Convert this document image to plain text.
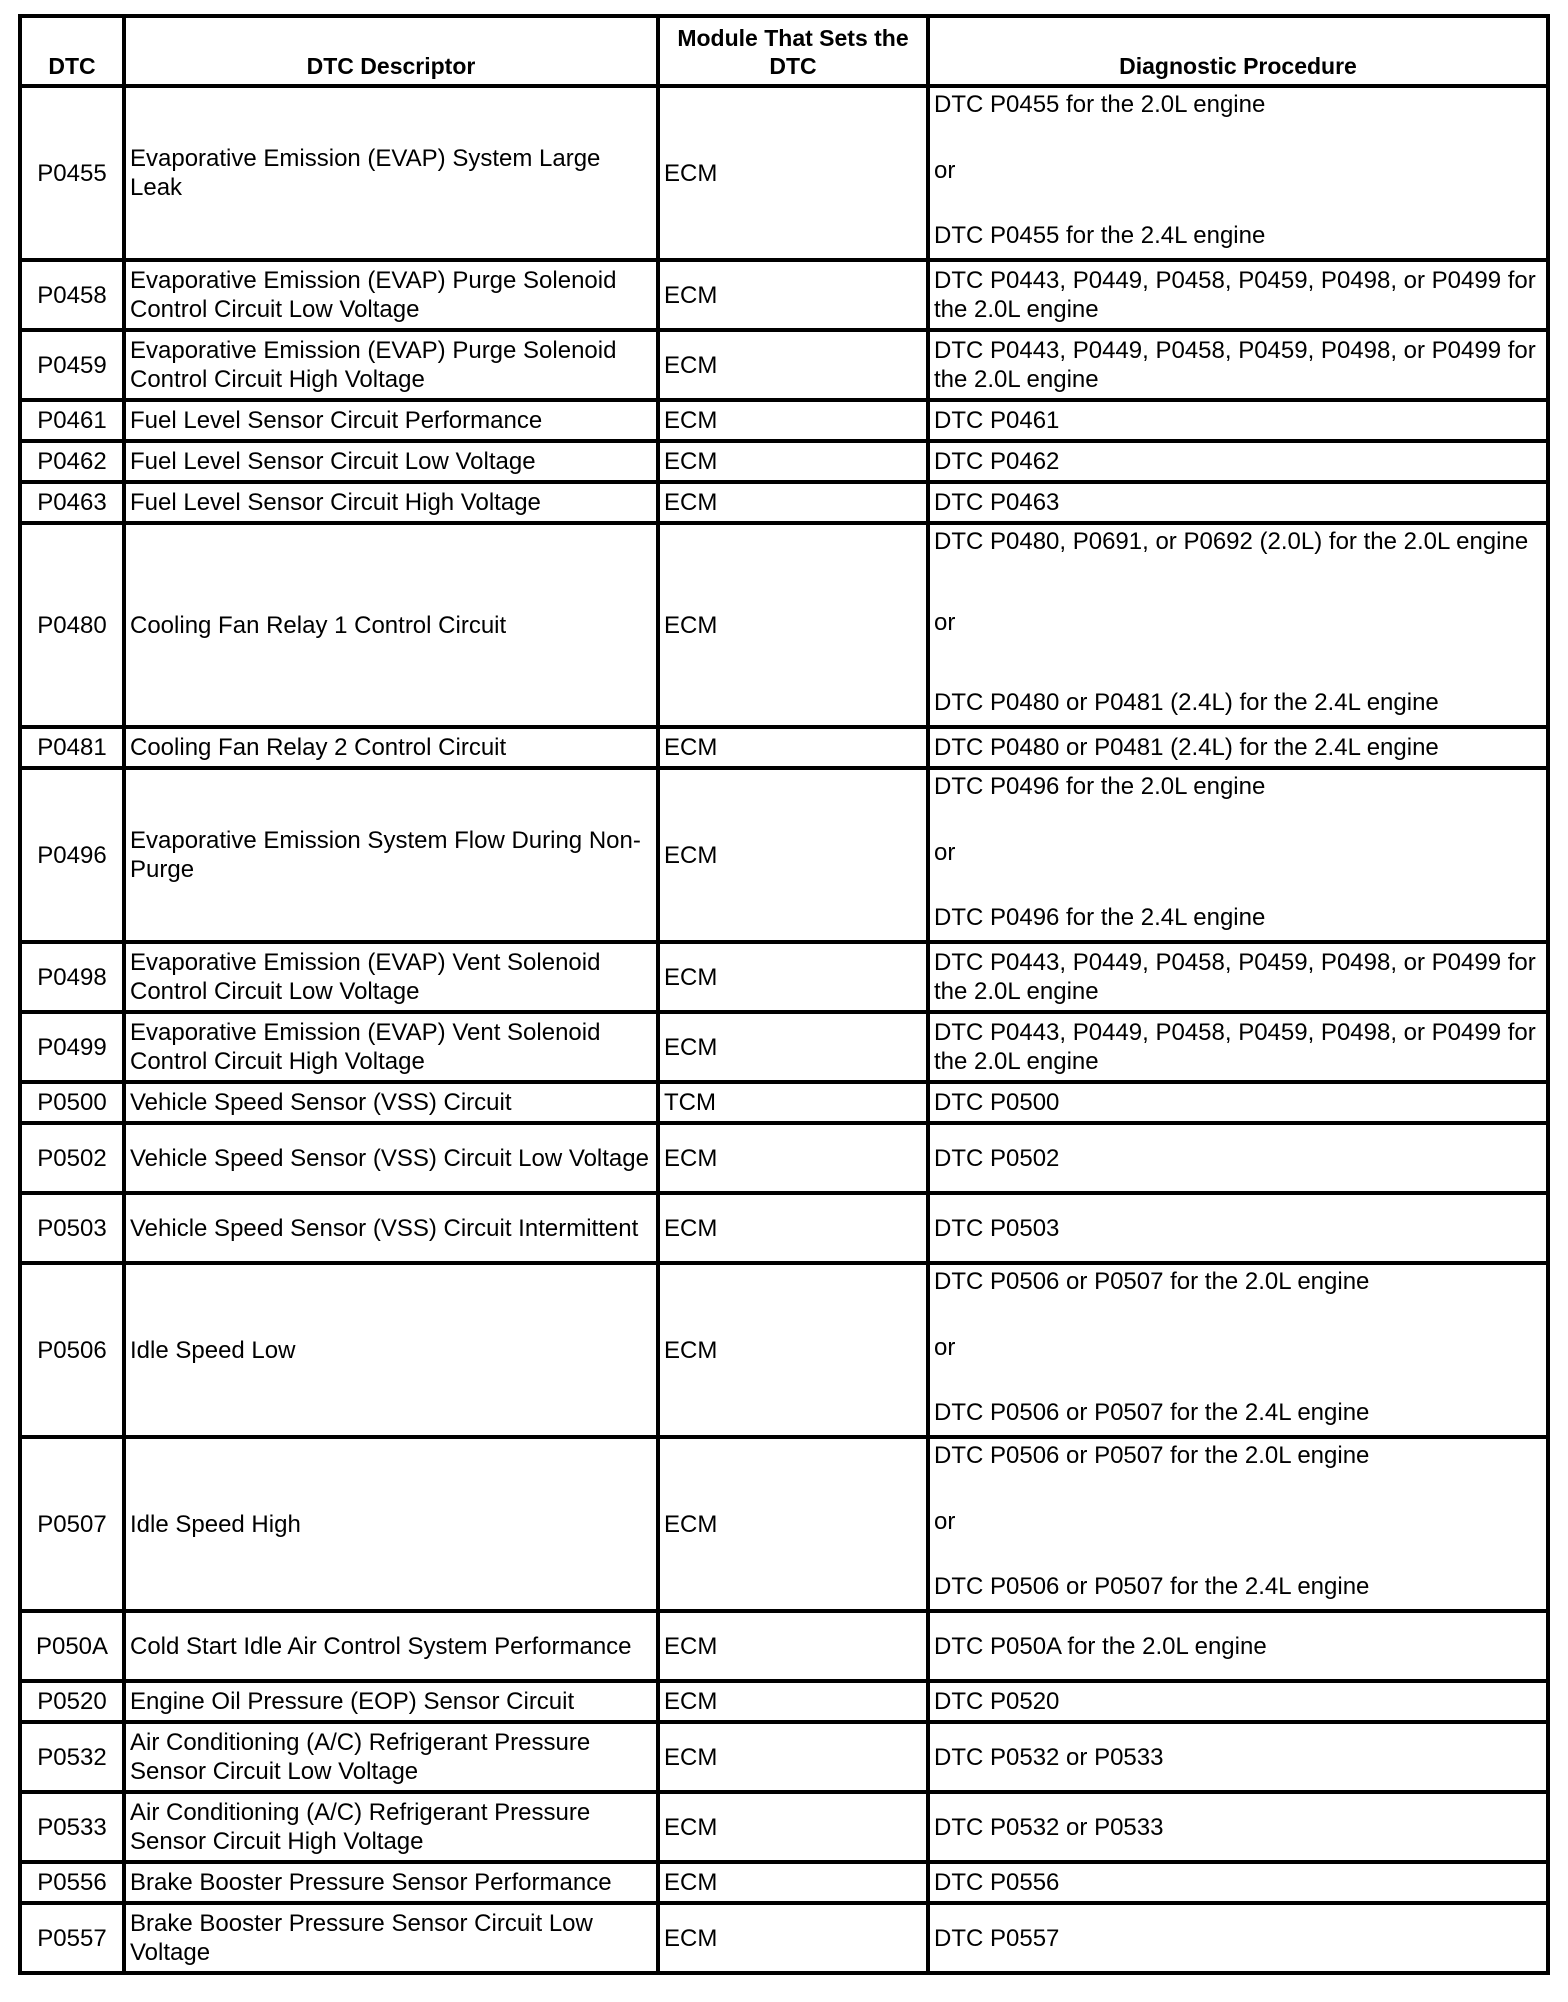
DTC	DTC Descriptor	Module That Sets the DTC	Diagnostic Procedure
P0455	Evaporative Emission (EVAP) System Large Leak	ECM	DTC P0455 for the 2.0L engine
or
DTC P0455 for the 2.4L engine

P0458	Evaporative Emission (EVAP) Purge Solenoid Control Circuit Low Voltage	ECM	DTC P0443, P0449, P0458, P0459, P0498, or P0499 for the 2.0L engine
P0459	Evaporative Emission (EVAP) Purge Solenoid Control Circuit High Voltage	ECM	DTC P0443, P0449, P0458, P0459, P0498, or P0499 for the 2.0L engine
P0461	Fuel Level Sensor Circuit Performance	ECM	DTC P0461
P0462	Fuel Level Sensor Circuit Low Voltage	ECM	DTC P0462
P0463	Fuel Level Sensor Circuit High Voltage	ECM	DTC P0463
P0480	Cooling Fan Relay 1 Control Circuit	ECM	DTC P0480, P0691, or P0692 (2.0L) for the 2.0L engine
or
DTC P0480 or P0481 (2.4L) for the 2.4L engine

P0481	Cooling Fan Relay 2 Control Circuit	ECM	DTC P0480 or P0481 (2.4L) for the 2.4L engine
P0496	Evaporative Emission System Flow During Non-Purge	ECM	DTC P0496 for the 2.0L engine
or
DTC P0496 for the 2.4L engine

P0498	Evaporative Emission (EVAP) Vent Solenoid Control Circuit Low Voltage	ECM	DTC P0443, P0449, P0458, P0459, P0498, or P0499 for the 2.0L engine
P0499	Evaporative Emission (EVAP) Vent Solenoid Control Circuit High Voltage	ECM	DTC P0443, P0449, P0458, P0459, P0498, or P0499 for the 2.0L engine
P0500	Vehicle Speed Sensor (VSS) Circuit	TCM	DTC P0500
P0502	Vehicle Speed Sensor (VSS) Circuit Low Voltage	ECM	DTC P0502
P0503	Vehicle Speed Sensor (VSS) Circuit Intermittent	ECM	DTC P0503
P0506	Idle Speed Low	ECM	DTC P0506 or P0507 for the 2.0L engine
or
DTC P0506 or P0507 for the 2.4L engine

P0507	Idle Speed High	ECM	DTC P0506 or P0507 for the 2.0L engine
or
DTC P0506 or P0507 for the 2.4L engine

P050A	Cold Start Idle Air Control System Performance	ECM	DTC P050A for the 2.0L engine
P0520	Engine Oil Pressure (EOP) Sensor Circuit	ECM	DTC P0520
P0532	Air Conditioning (A/C) Refrigerant Pressure Sensor Circuit Low Voltage	ECM	DTC P0532 or P0533
P0533	Air Conditioning (A/C) Refrigerant Pressure Sensor Circuit High Voltage	ECM	DTC P0532 or P0533
P0556	Brake Booster Pressure Sensor Performance	ECM	DTC P0556
P0557	Brake Booster Pressure Sensor Circuit Low Voltage	ECM	DTC P0557
